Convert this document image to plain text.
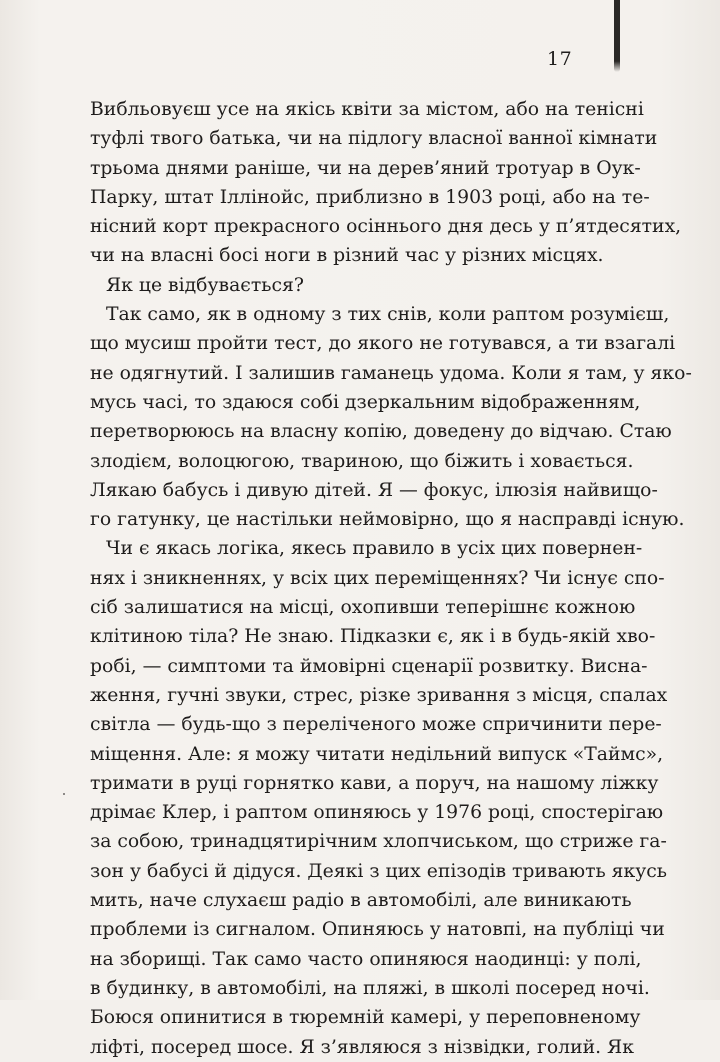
17
Вибльовуєш усе на якісь квіти за містом, або на тенісні
туфлі твого батька, чи на підлогу власної ванної кімнати
трьома днями раніше, чи на дерев’яний тротуар в Оук-
Парку, штат Іллінойс, приблизно в 1903 році, або на те-
нісний корт прекрасного осіннього дня десь у п’ятдесятих,
чи на власні босі ноги в різний час у різних місцях.
Як це відбувається?
Так само, як в одному з тих снів, коли раптом розумієш,
що мусиш пройти тест, до якого не готувався, а ти взагалі
не одягнутий. І залишив гаманець удома. Коли я там, у яко-
мусь часі, то здаюся собі дзеркальним відображенням,
перетворююсь на власну копію, доведену до відчаю. Стаю
злодієм, волоцюгою, твариною, що біжить і ховається.
Лякаю бабусь і дивую дітей. Я — фокус, ілюзія найвищо-
го гатунку, це настільки неймовірно, що я насправді існую.
Чи є якась логіка, якесь правило в усіх цих повернен-
нях і зникненнях, у всіх цих переміщеннях? Чи існує спо-
сіб залишатися на місці, охопивши теперішнє кожною
клітиною тіла? Не знаю. Підказки є, як і в будь-якій хво-
робі, — симптоми та ймовірні сценарії розвитку. Висна-
ження, гучні звуки, стрес, різке зривання з місця, спалах
світла — будь-що з переліченого може спричинити пере-
міщення. Але: я можу читати недільний випуск «Таймс»,
тримати в руці горнятко кави, а поруч, на нашому ліжку
дрімає Клер, і раптом опиняюсь у 1976 році, спостерігаю
за собою, тринадцятирічним хлопчиськом, що стриже га-
зон у бабусі й дідуся. Деякі з цих епізодів тривають якусь
мить, наче слухаєш радіо в автомобілі, але виникають
проблеми із сигналом. Опиняюсь у натовпі, на публіці чи
на зборищі. Так само часто опиняюся наодинці: у полі,
в будинку, в автомобілі, на пляжі, в школі посеред ночі.
Боюся опинитися в тюремній камері, у переповненому
ліфті, посеред шосе. Я з’являюся з нізвідки, голий. Як
